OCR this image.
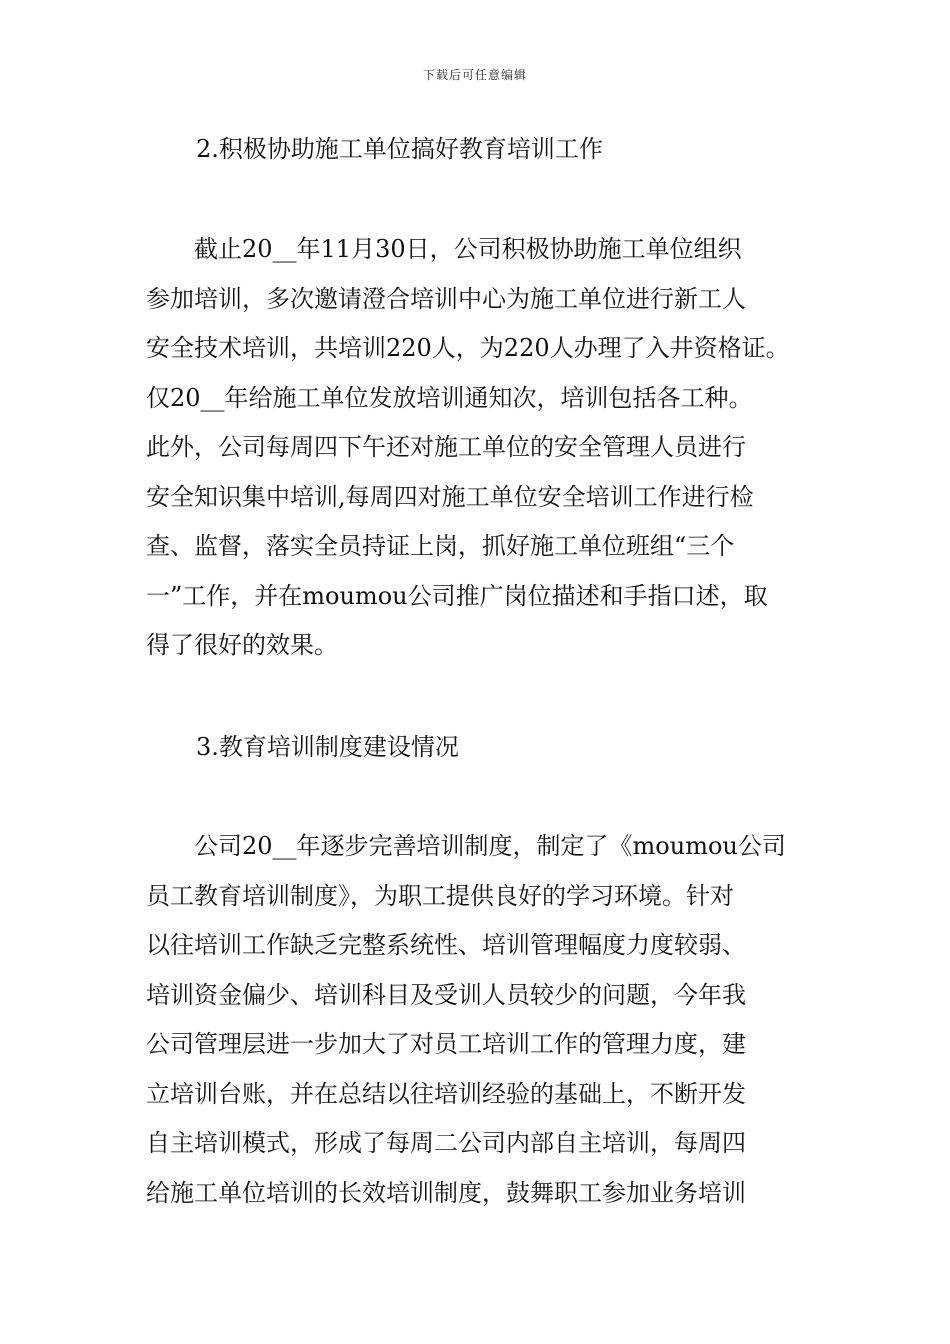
下载后可任意编辑
2.积极协助施工单位搞好教育培训工作
　　截止20__年11月30日，公司积极协助施工单位组织
参加培训，多次邀请澄合培训中心为施工单位进行新工人
安全技术培训，共培训220人，为220人办理了入井资格证。
仅20__年给施工单位发放培训通知次，培训包括各工种。
此外，公司每周四下午还对施工单位的安全管理人员进行
安全知识集中培训,每周四对施工单位安全培训工作进行检
查、监督，落实全员持证上岗，抓好施工单位班组“三个
一”工作，并在moumou公司推广岗位描述和手指口述，取
得了很好的效果。
3.教育培训制度建设情况
　　公司20__年逐步完善培训制度，制定了《moumou公司
员工教育培训制度》，为职工提供良好的学习环境。针对
以往培训工作缺乏完整系统性、培训管理幅度力度较弱、
培训资金偏少、培训科目及受训人员较少的问题，今年我
公司管理层进一步加大了对员工培训工作的管理力度，建
立培训台账，并在总结以往培训经验的基础上，不断开发
自主培训模式，形成了每周二公司内部自主培训，每周四
给施工单位培训的长效培训制度，鼓舞职工参加业务培训
